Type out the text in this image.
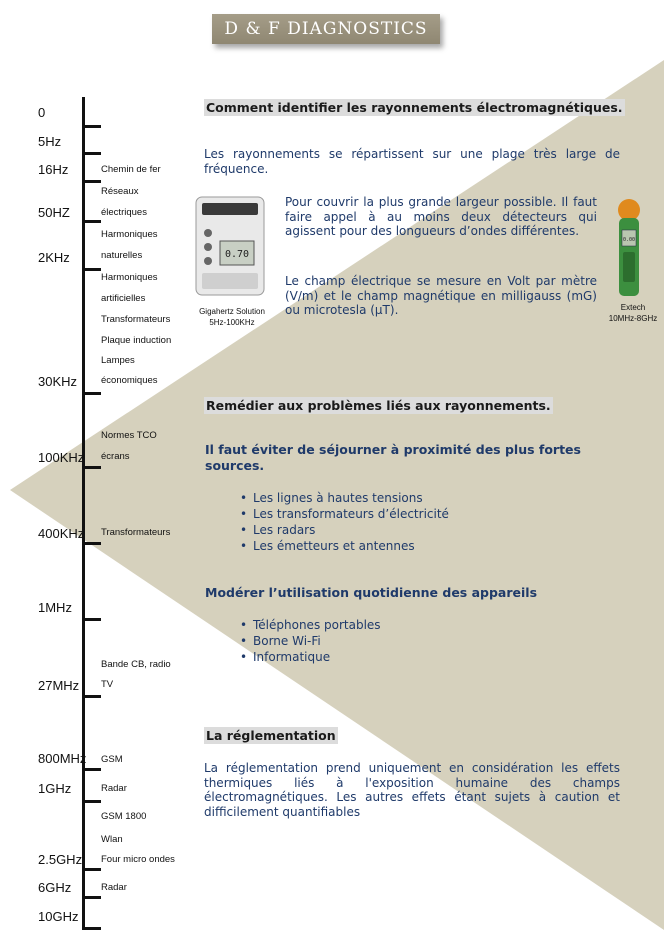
D & F DIAGNOSTICS
0
5Hz
16Hz
50HZ
2KHz
30KHz
100KHz
400KHz
1MHz
27MHz
800MHz
1GHz
2.5GHz
6GHz
10GHz
Chemin de fer
Réseaux
électriques
Harmoniques
naturelles
Harmoniques
artificielles
Transformateurs
Plaque induction
Lampes
économiques
Normes TCO
écrans
Transformateurs
Bande CB, radio
TV
GSM
Radar
GSM 1800
Wlan
Four micro ondes
Radar
Comment identifier les rayonnements électromagnétiques.
Les rayonnements se répartissent sur une plage très large de fréquence.
0.70
Gigahertz Solution
5Hz-100KHz
Pour couvrir la plus grande largeur possible. Il faut faire appel à au moins deux détecteurs qui agissent pour des longueurs d’ondes différentes.
Le champ électrique se mesure en Volt par mètre (V/m) et le champ magnétique en milligauss (mG) ou microtesla (μT).
0.00
Extech
10MHz-8GHz
Remédier aux problèmes liés aux rayonnements.
Il faut éviter de séjourner à proximité des plus fortes sources.
• Les lignes à hautes tensions
• Les transformateurs d’électricité
• Les radars
• Les émetteurs et antennes
Modérer l’utilisation quotidienne des appareils
• Téléphones portables
• Borne Wi-Fi
• Informatique
La réglementation
La réglementation prend uniquement en considération les effets thermiques liés à l'exposition humaine des champs électromagnétiques. Les autres effets étant sujets à caution et difficilement quantifiables
